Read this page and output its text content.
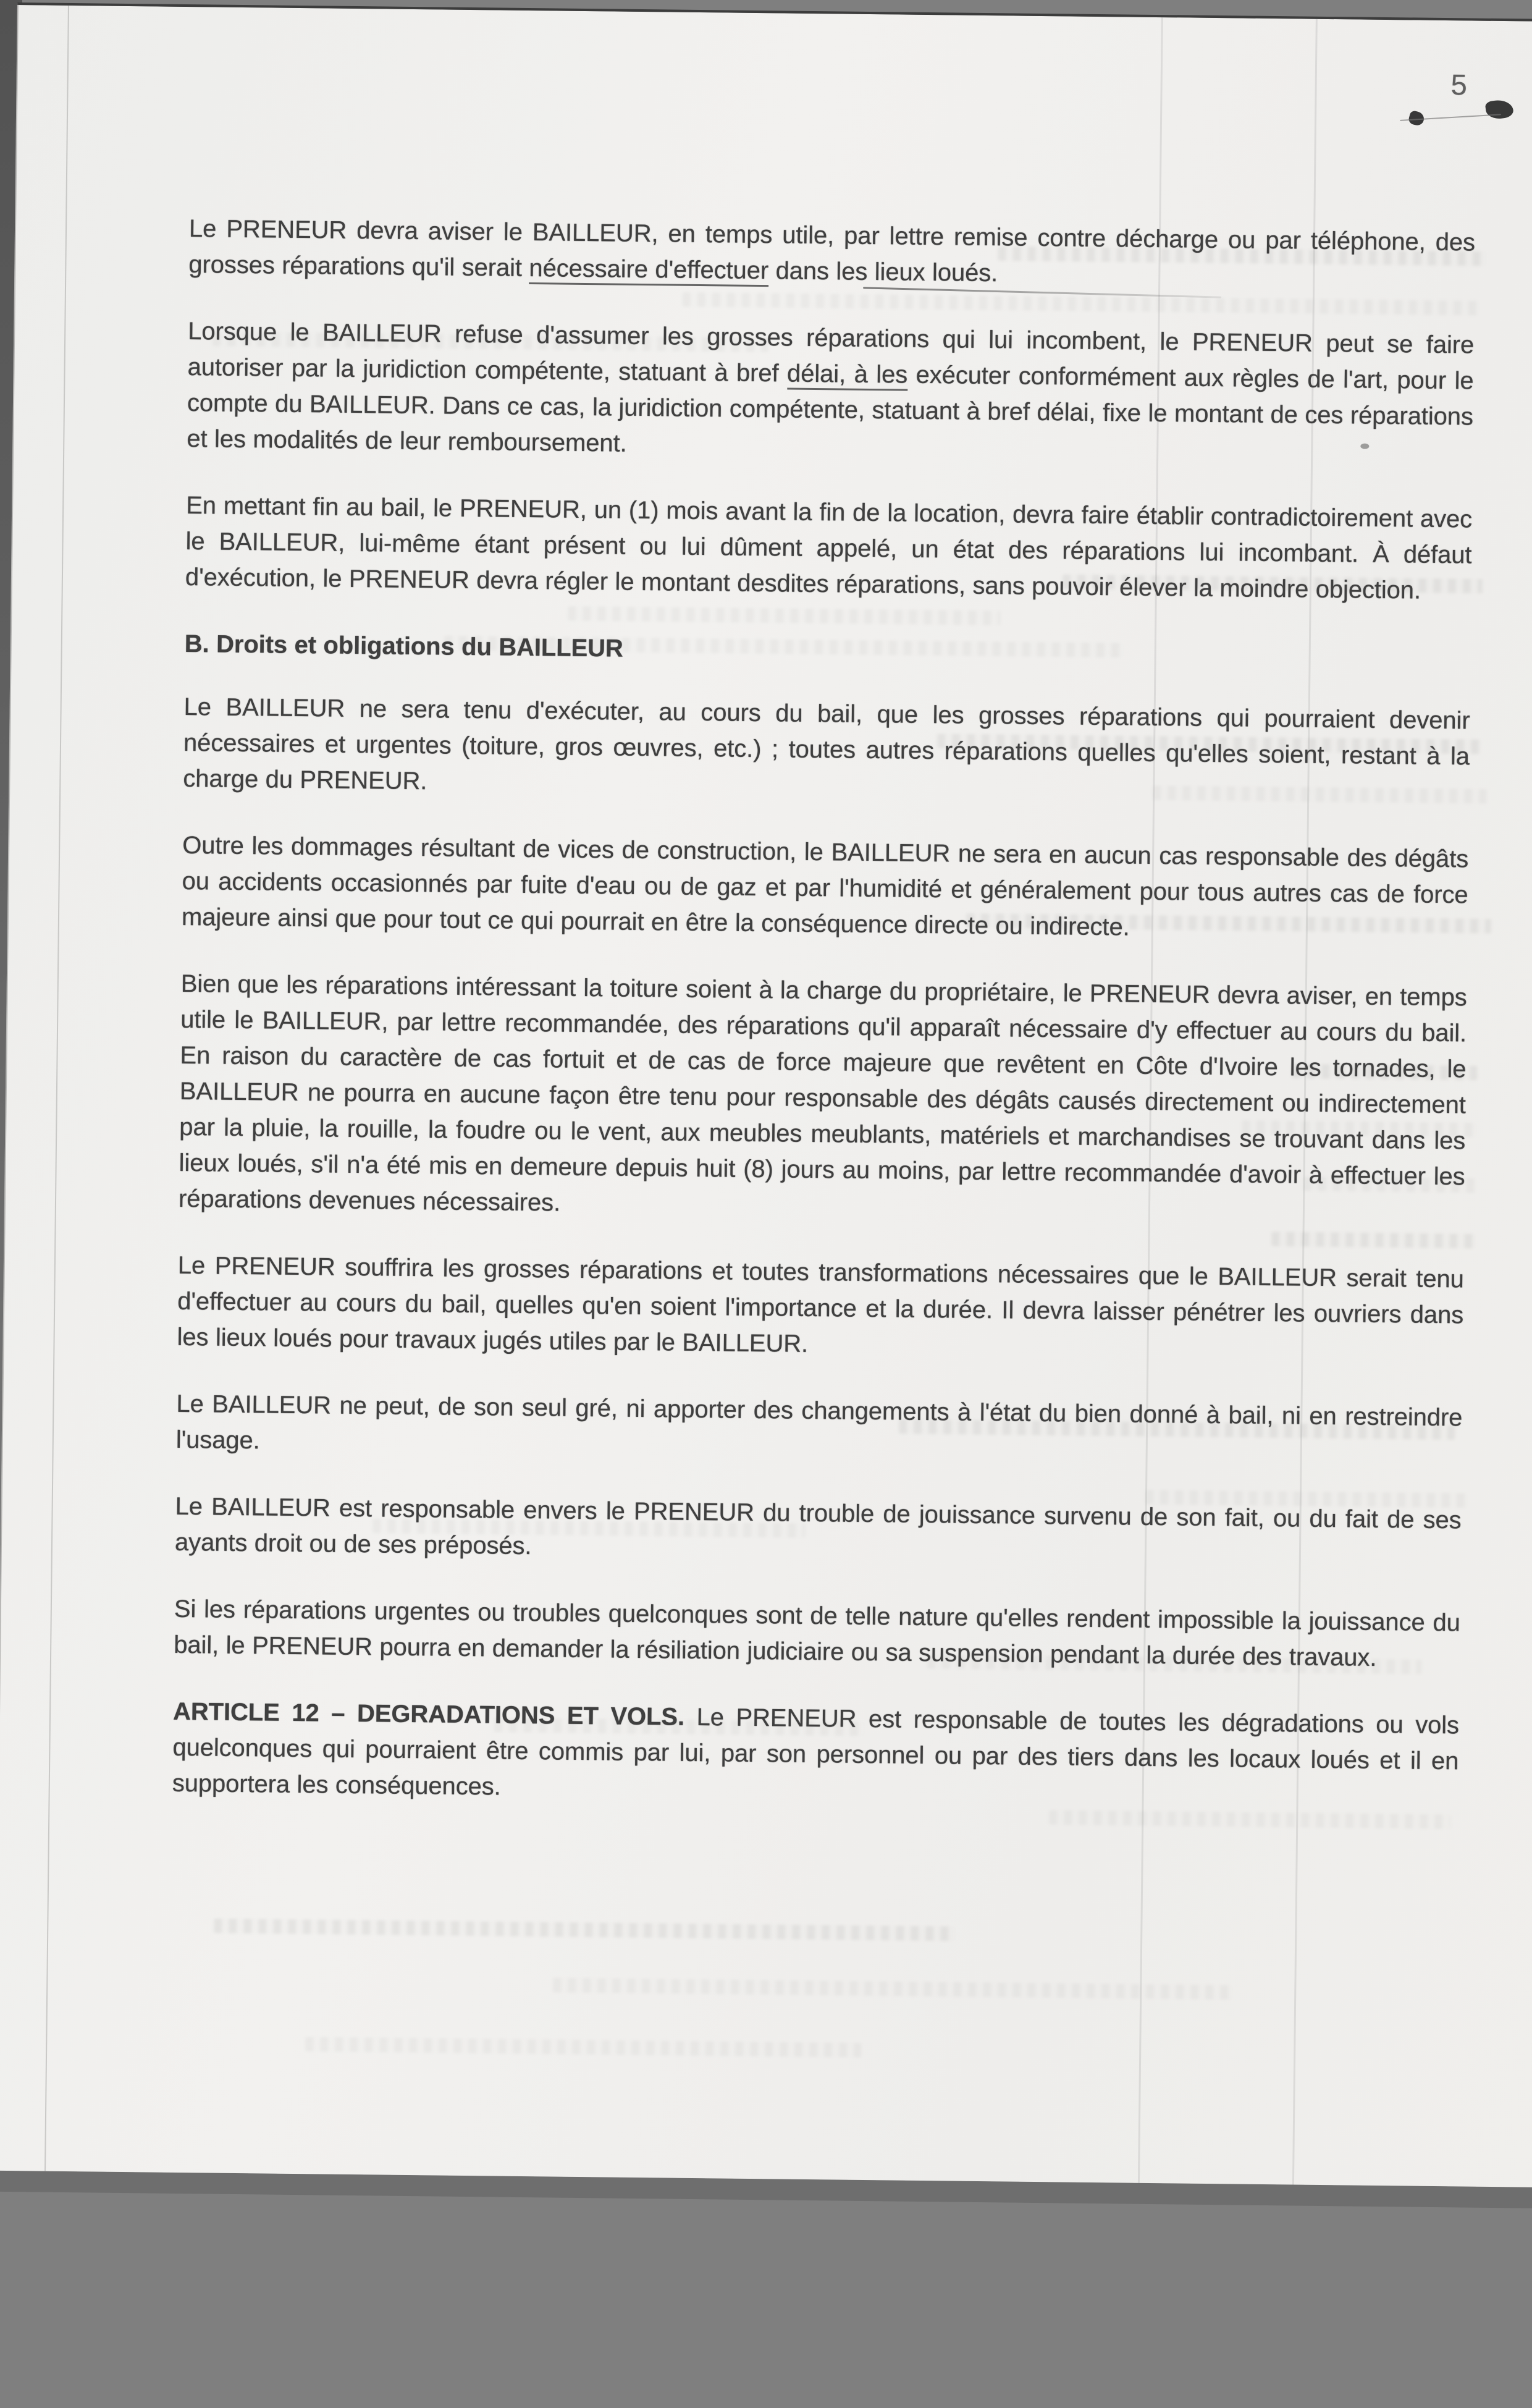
5

Le PRENEUR devra aviser le BAILLEUR, en temps utile, par lettre remise contre décharge ou par téléphone, des grosses réparations qu'il serait nécessaire d'effectuer dans les lieux loués.

Lorsque le BAILLEUR refuse d'assumer les grosses réparations qui lui incombent, le PRENEUR peut se faire autoriser par la juridiction compétente, statuant à bref délai, à les exécuter conformément aux règles de l'art, pour le compte du BAILLEUR. Dans ce cas, la juridiction compétente, statuant à bref délai, fixe le montant de ces réparations et les modalités de leur remboursement.

En mettant fin au bail, le PRENEUR, un (1) mois avant la fin de la location, devra faire établir contradictoirement avec le BAILLEUR, lui-même étant présent ou lui dûment appelé, un état des réparations lui incombant. À défaut d'exécution, le PRENEUR devra régler le montant desdites réparations, sans pouvoir élever la moindre objection.

B. Droits et obligations du BAILLEUR

Le BAILLEUR ne sera tenu d'exécuter, au cours du bail, que les grosses réparations qui pourraient devenir nécessaires et urgentes (toiture, gros œuvres, etc.) ; toutes autres réparations quelles qu'elles soient, restant à la charge du PRENEUR.

Outre les dommages résultant de vices de construction, le BAILLEUR ne sera en aucun cas responsable des dégâts ou accidents occasionnés par fuite d'eau ou de gaz et par l'humidité et généralement pour tous autres cas de force majeure ainsi que pour tout ce qui pourrait en être la conséquence directe ou indirecte.

Bien que les réparations intéressant la toiture soient à la charge du propriétaire, le PRENEUR devra aviser, en temps utile le BAILLEUR, par lettre recommandée, des réparations qu'il apparaît nécessaire d'y effectuer au cours du bail. En raison du caractère de cas fortuit et de cas de force majeure que revêtent en Côte d'Ivoire les tornades, le BAILLEUR ne pourra en aucune façon être tenu pour responsable des dégâts causés directement ou indirectement par la pluie, la rouille, la foudre ou le vent, aux meubles meublants, matériels et marchandises se trouvant dans les lieux loués, s'il n'a été mis en demeure depuis huit (8) jours au moins, par lettre recommandée d'avoir à effectuer les réparations devenues nécessaires.

Le PRENEUR souffrira les grosses réparations et toutes transformations nécessaires que le BAILLEUR serait tenu d'effectuer au cours du bail, quelles qu'en soient l'importance et la durée. Il devra laisser pénétrer les ouvriers dans les lieux loués pour travaux jugés utiles par le BAILLEUR.

Le BAILLEUR ne peut, de son seul gré, ni apporter des changements à l'état du bien donné à bail, ni en restreindre l'usage.

Le BAILLEUR est responsable envers le PRENEUR du trouble de jouissance survenu de son fait, ou du fait de ses ayants droit ou de ses préposés.

Si les réparations urgentes ou troubles quelconques sont de telle nature qu'elles rendent impossible la jouissance du bail, le PRENEUR pourra en demander la résiliation judiciaire ou sa suspension pendant la durée des travaux.

ARTICLE 12 – DEGRADATIONS ET VOLS. Le PRENEUR est responsable de toutes les dégradations ou vols quelconques qui pourraient être commis par lui, par son personnel ou par des tiers dans les locaux loués et il en supportera les conséquences.
